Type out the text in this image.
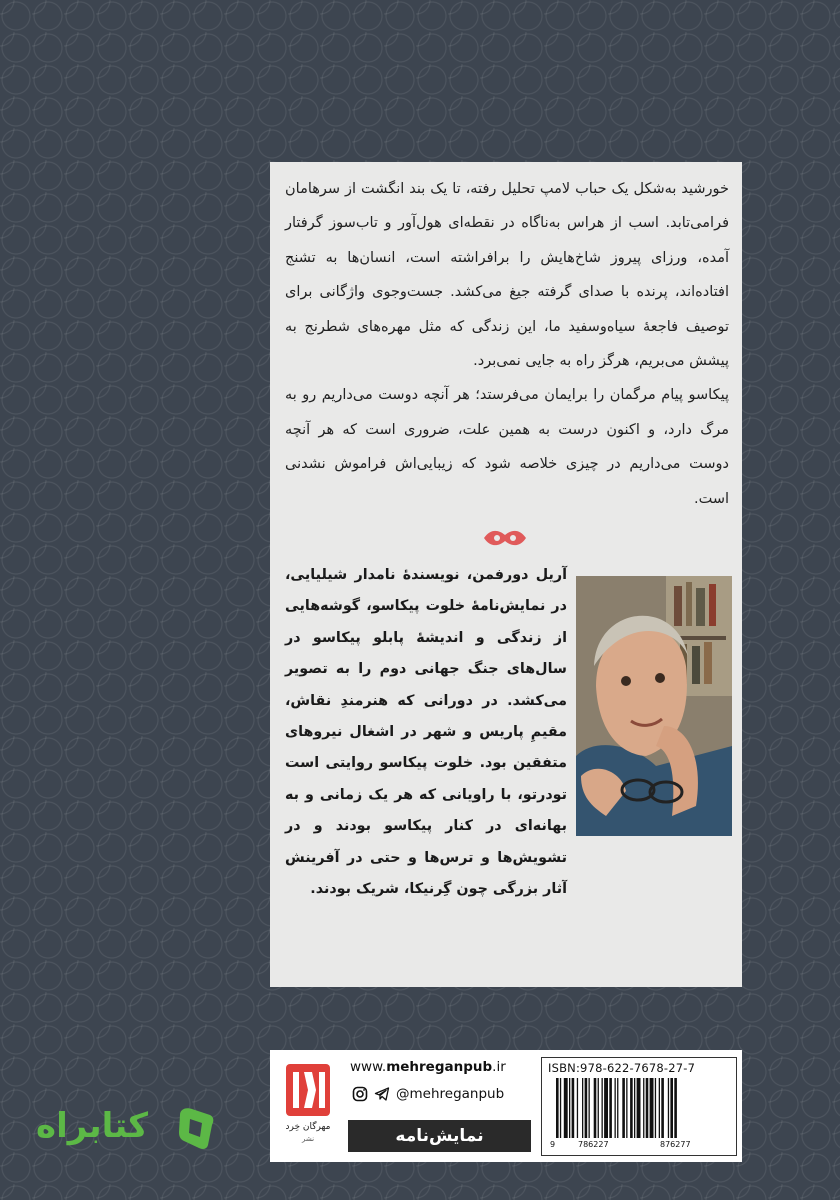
خورشید به‌شکل یک حباب لامپ تحلیل رفته، تا یک بند انگشت از سرهامان فرامی‌تابد. اسب از هراس به‌ناگاه در نقطه‌ای هول‌آور و تاب‌سوز گرفتار آمده، ورزای پیروز شاخ‌هایش را برافراشته است، انسان‌ها به تشنج افتاده‌اند، پرنده با صدای گرفته جیغ می‌کشد. جست‌وجوی واژگانی برای توصیف فاجعهٔ سیاه‌وسفید ما، این زندگی که مثل مهره‌های شطرنج به پیشش می‌بریم، هرگز راه به جایی نمی‌برد.

پیکاسو پیام مرگمان را برایمان می‌فرستد؛ هر آنچه دوست می‌داریم رو به مرگ دارد، و اکنون درست به همین علت، ضروری است که هر آنچه دوست می‌داریم در چیزی خلاصه شود که زیبایی‌اش فراموش نشدنی است.

آریل دورفمن، نویسندهٔ نامدار شیلیایی، در نمایش‌نامهٔ خلوت پیکاسو، گوشه‌هایی از زندگی و اندیشهٔ پابلو پیکاسو در سال‌های جنگ جهانی دوم را به تصویر می‌کشد. در دورانی که هنرمندِ نقاش، مقیمِ پاریس و شهر در اشغال نیروهای متفقین بود. خلوت پیکاسو روایتی است تودرتو، با راویانی که هر یک زمانی و به بهانه‌ای در کنار پیکاسو بودند و در تشویش‌ها و ترس‌ها و حتی در آفرینش آثار بزرگی چون گِرنیکا، شریک بودند.
مهرگان خِرد
نشر
www.mehreganpub.ir
@mehreganpub
نمایش‌نامه
ISBN:978-622-7678-27-7
9	786227	876277
کتابراه
